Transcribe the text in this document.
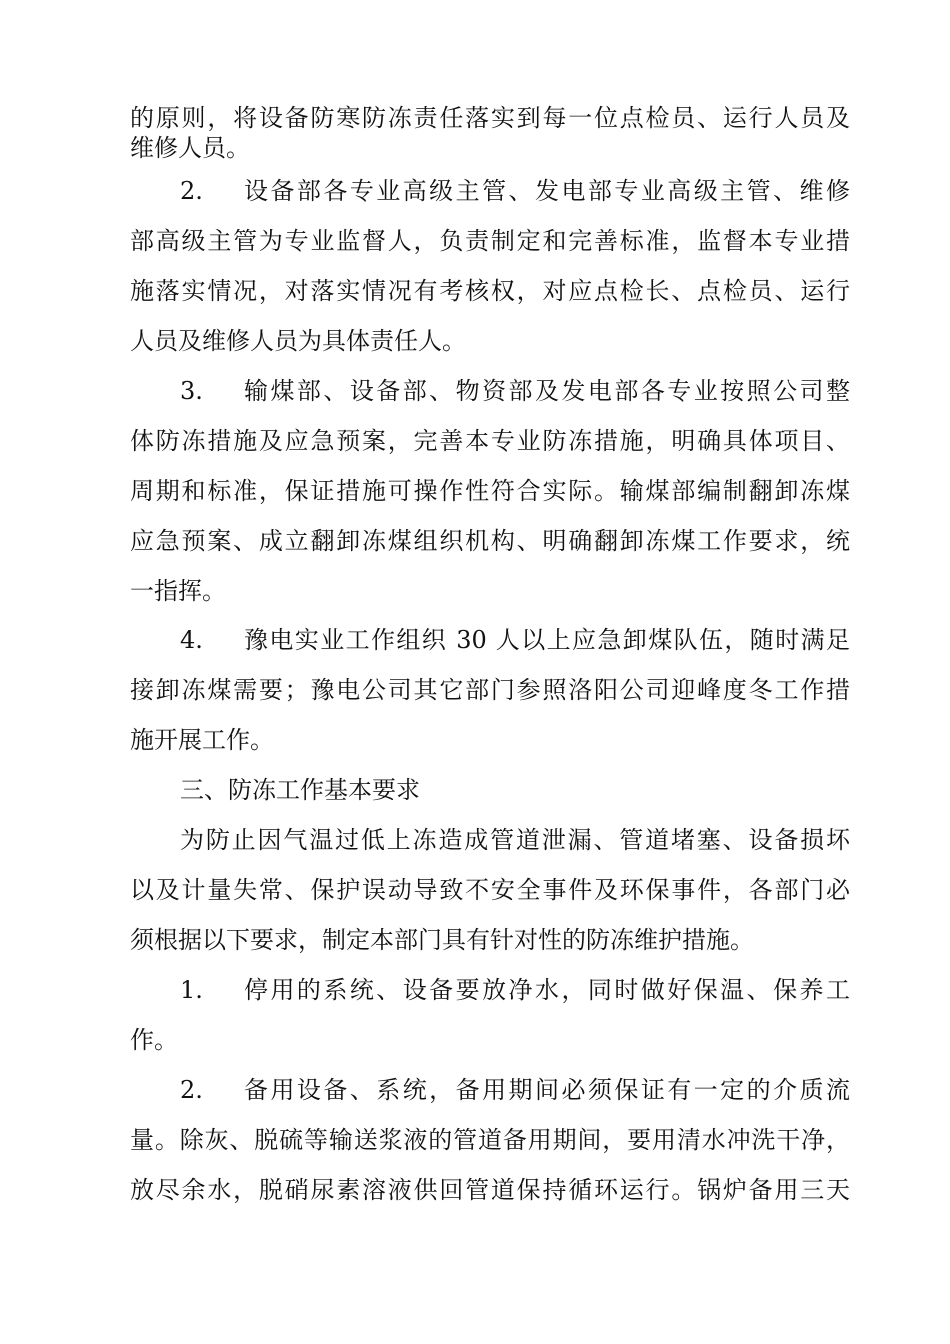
的原则，将设备防寒防冻责任落实到每一位点检员、运行人员及
维修人员。
2. 设备部各专业高级主管、发电部专业高级主管、维修
部高级主管为专业监督人，负责制定和完善标准，监督本专业措
施落实情况，对落实情况有考核权，对应点检长、点检员、运行
人员及维修人员为具体责任人。
3. 输煤部、设备部、物资部及发电部各专业按照公司整
体防冻措施及应急预案，完善本专业防冻措施，明确具体项目、
周期和标准，保证措施可操作性符合实际。输煤部编制翻卸冻煤
应急预案、成立翻卸冻煤组织机构、明确翻卸冻煤工作要求，统
一指挥。
4. 豫电实业工作组织 30 人以上应急卸煤队伍，随时满足
接卸冻煤需要；豫电公司其它部门参照洛阳公司迎峰度冬工作措
施开展工作。
三、防冻工作基本要求
为防止因气温过低上冻造成管道泄漏、管道堵塞、设备损坏
以及计量失常、保护误动导致不安全事件及环保事件，各部门必
须根据以下要求，制定本部门具有针对性的防冻维护措施。
1. 停用的系统、设备要放净水，同时做好保温、保养工
作。
2. 备用设备、系统，备用期间必须保证有一定的介质流
量。除灰、脱硫等输送浆液的管道备用期间，要用清水冲洗干净，
放尽余水，脱硝尿素溶液供回管道保持循环运行。锅炉备用三天
